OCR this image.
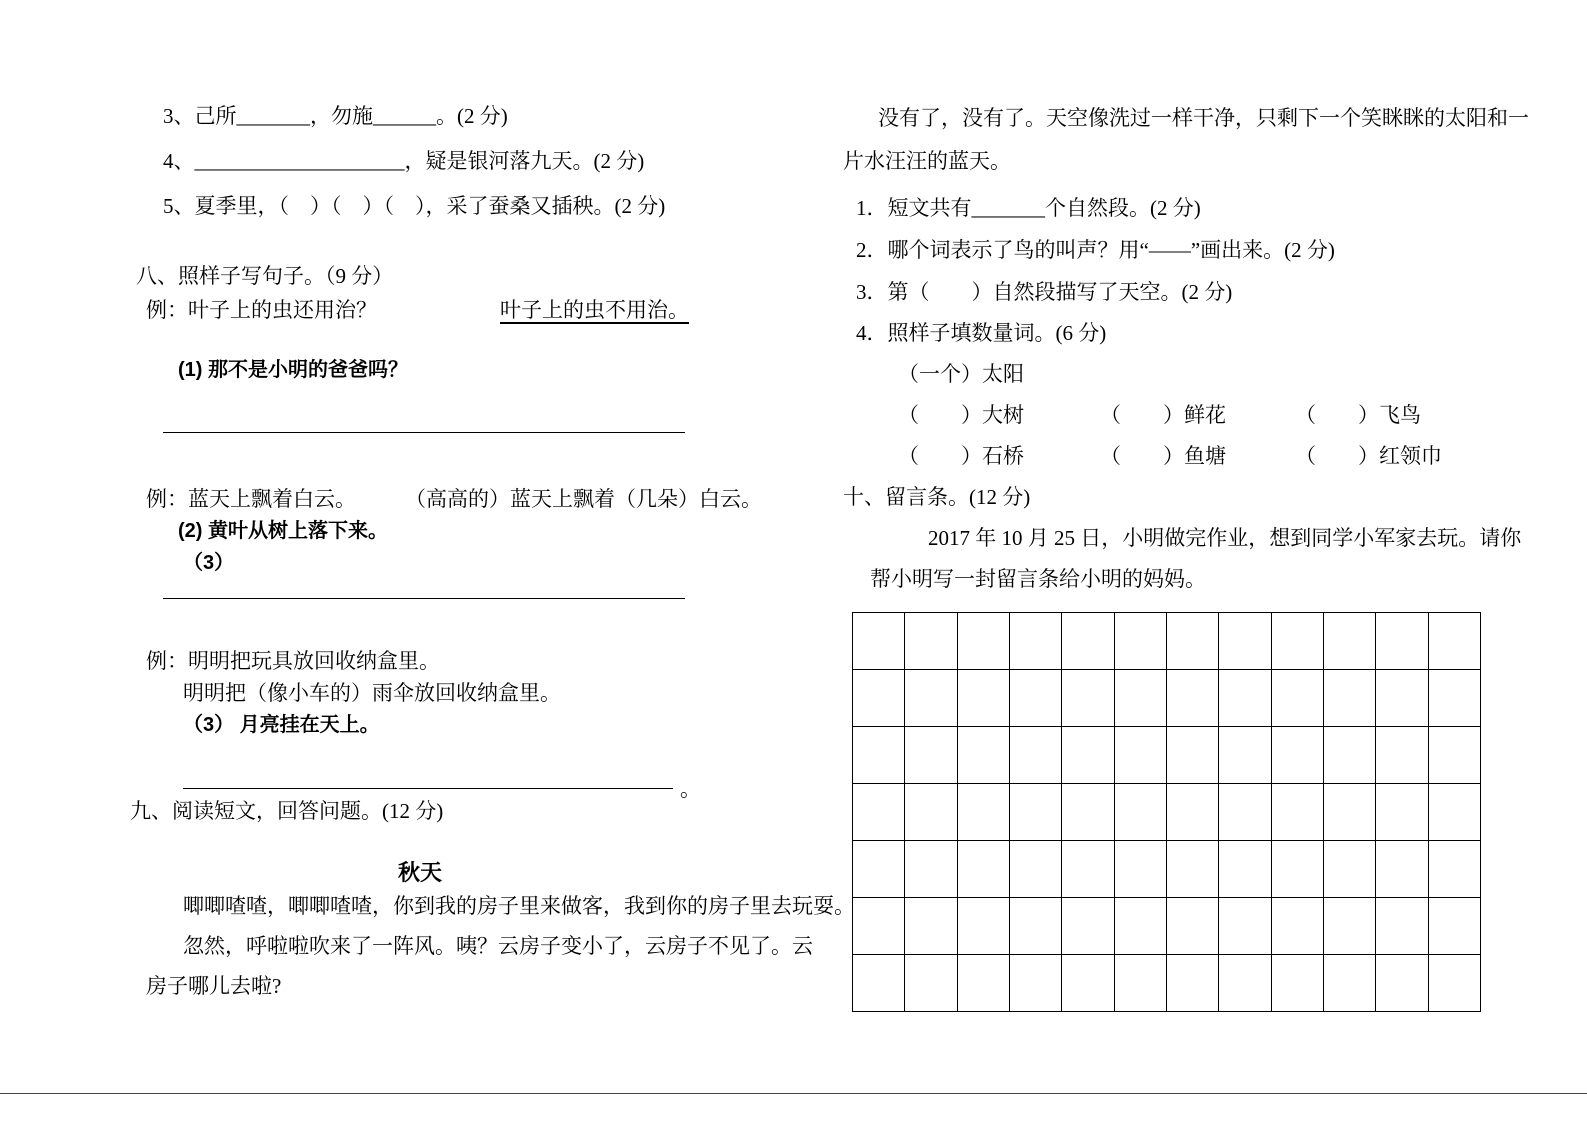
3、己所_______，勿施______。(2 分)
4、____________________，疑是银河落九天。(2 分)
5、夏季里，（　）（　）（　），采了蚕桑又插秧。(2 分)
八、照样子写句子。（9 分）
例：叶子上的虫还用治？	叶子上的虫不用治。
(1) 那不是小明的爸爸吗？
例：蓝天上飘着白云。 （高高的）蓝天上飘着（几朵）白云。
(2) 黄叶从树上落下来。
（3）
例：明明把玩具放回收纳盒里。
明明把（像小车的）雨伞放回收纳盒里。
（3） 月亮挂在天上。
。
九、阅读短文，回答问题。(12 分)
秋天
唧唧喳喳，唧唧喳喳，你到我的房子里来做客，我到你的房子里去玩耍。
忽然，呼啦啦吹来了一阵风。咦？云房子变小了，云房子不见了。云
房子哪儿去啦?
没有了，没有了。天空像洗过一样干净，只剩下一个笑眯眯的太阳和一
片水汪汪的蓝天。
1．短文共有_______个自然段。(2 分)
2．哪个词表示了鸟的叫声？用“——”画出来。(2 分)
3．第（　　）自然段描写了天空。(2 分)
4．照样子填数量词。(6 分)
（一个）太阳
（　　）大树	（　　）鲜花	（　　）飞鸟
（　　）石桥	（　　）鱼塘	（　　）红领巾
十、留言条。(12 分)
2017 年 10 月 25 日，小明做完作业，想到同学小军家去玩。请你
帮小明写一封留言条给小明的妈妈。
